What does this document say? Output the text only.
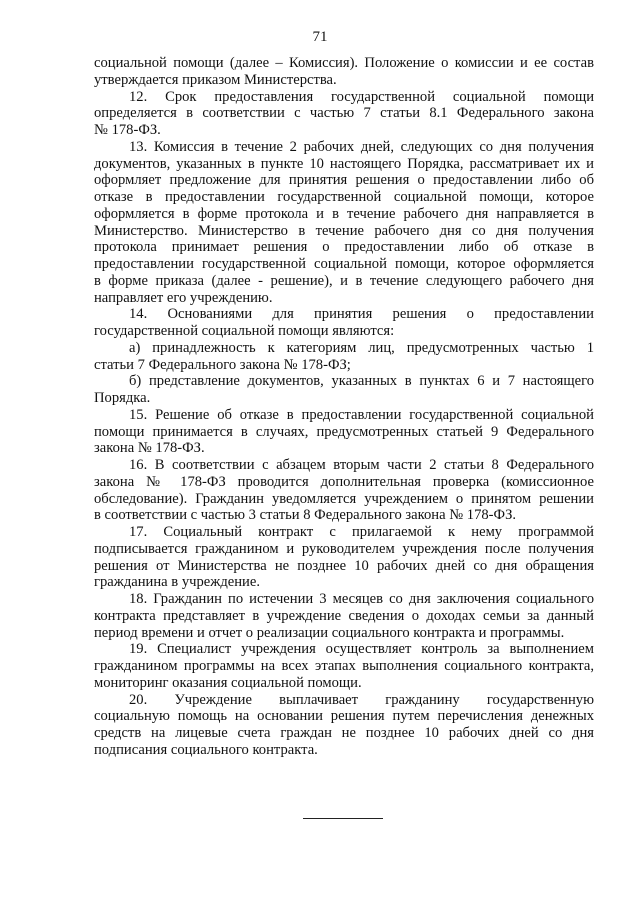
71
социальной помощи (далее – Комиссия). Положение о комиссии и ее состав
утверждается приказом Министерства.
12. Срок предоставления государственной социальной помощи
определяется в соответствии с частью 7 статьи 8.1 Федерального закона
№ 178-ФЗ.
13. Комиссия в течение 2 рабочих дней, следующих со дня получения
документов, указанных в пункте 10 настоящего Порядка, рассматривает их и
оформляет предложение для принятия решения о предоставлении либо об
отказе в предоставлении государственной социальной помощи, которое
оформляется в форме протокола и в течение рабочего дня направляется в
Министерство. Министерство в течение рабочего дня со дня получения
протокола принимает решения о предоставлении либо об отказе в
предоставлении государственной социальной помощи, которое оформляется
в форме приказа (далее - решение), и в течение следующего рабочего дня
направляет его учреждению.
14. Основаниями для принятия решения о предоставлении
государственной социальной помощи являются:
а) принадлежность к категориям лиц, предусмотренных частью 1
статьи 7 Федерального закона № 178-ФЗ;
б) представление документов, указанных в пунктах 6 и 7 настоящего
Порядка.
15. Решение об отказе в предоставлении государственной социальной
помощи принимается в случаях, предусмотренных статьей 9 Федерального
закона № 178-ФЗ.
16. В соответствии с абзацем вторым части 2 статьи 8 Федерального
закона № 178-ФЗ проводится дополнительная проверка (комиссионное
обследование). Гражданин уведомляется учреждением о принятом решении
в соответствии с частью 3 статьи 8 Федерального закона № 178-ФЗ.
17. Социальный контракт с прилагаемой к нему программой
подписывается гражданином и руководителем учреждения после получения
решения от Министерства не позднее 10 рабочих дней со дня обращения
гражданина в учреждение.
18. Гражданин по истечении 3 месяцев со дня заключения социального
контракта представляет в учреждение сведения о доходах семьи за данный
период времени и отчет о реализации социального контракта и программы.
19. Специалист учреждения осуществляет контроль за выполнением
гражданином программы на всех этапах выполнения социального контракта,
мониторинг оказания социальной помощи.
20. Учреждение выплачивает гражданину государственную
социальную помощь на основании решения путем перечисления денежных
средств на лицевые счета граждан не позднее 10 рабочих дней со дня
подписания социального контракта.
